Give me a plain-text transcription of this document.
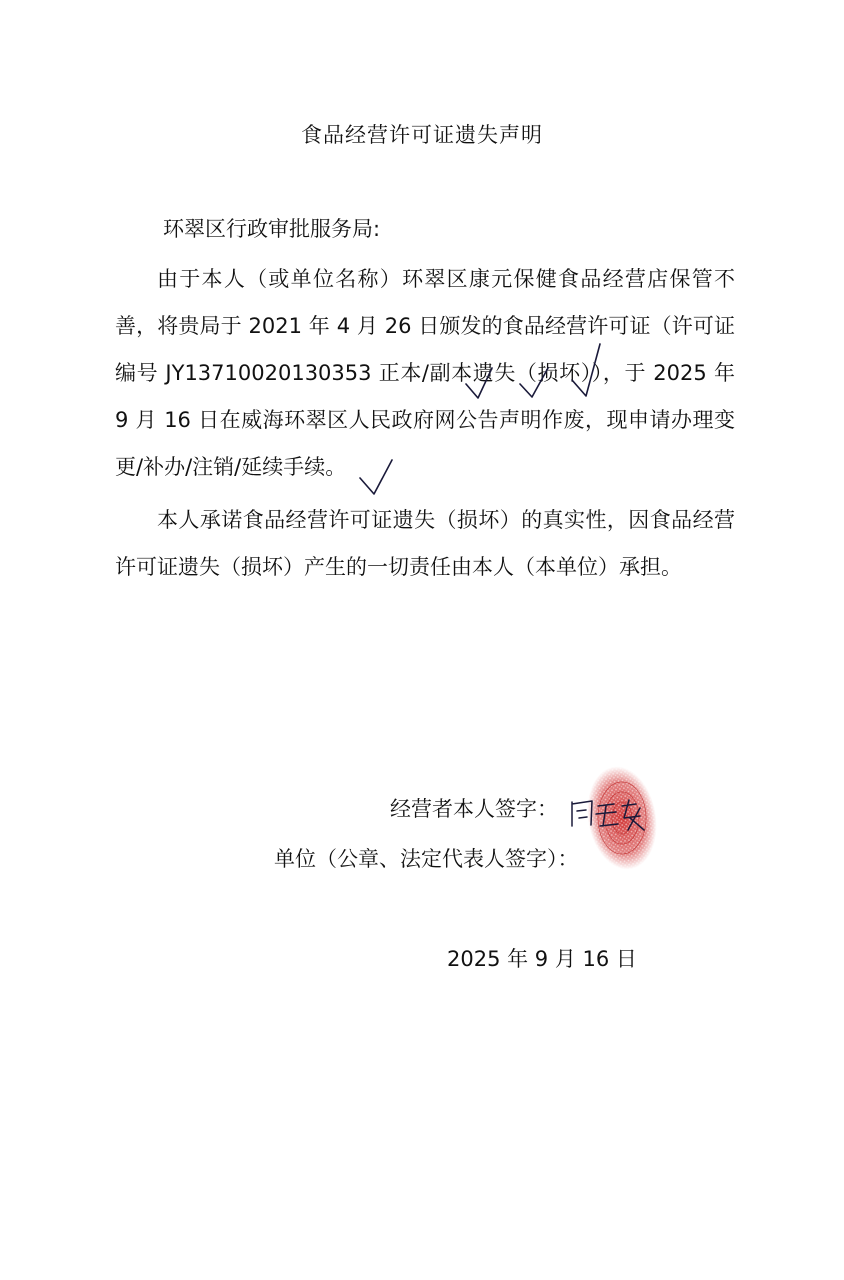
食品经营许可证遗失声明
环翠区行政审批服务局:
由于本人（或单位名称）环翠区康元保健食品经营店保管不善，将贵局于 2021 年 4 月 26 日颁发的食品经营许可证（许可证编号 JY13710020130353 正本/副本遗失（损坏）），于 2025 年 9 月 16 日在威海环翠区人民政府网公告声明作废，现申请办理变更/补办/注销/延续手续。
本人承诺食品经营许可证遗失（损坏）的真实性，因食品经营许可证遗失（损坏）产生的一切责任由本人（本单位）承担。
经营者本人签字：
单位（公章、法定代表人签字）：
2025 年 9 月 16 日
